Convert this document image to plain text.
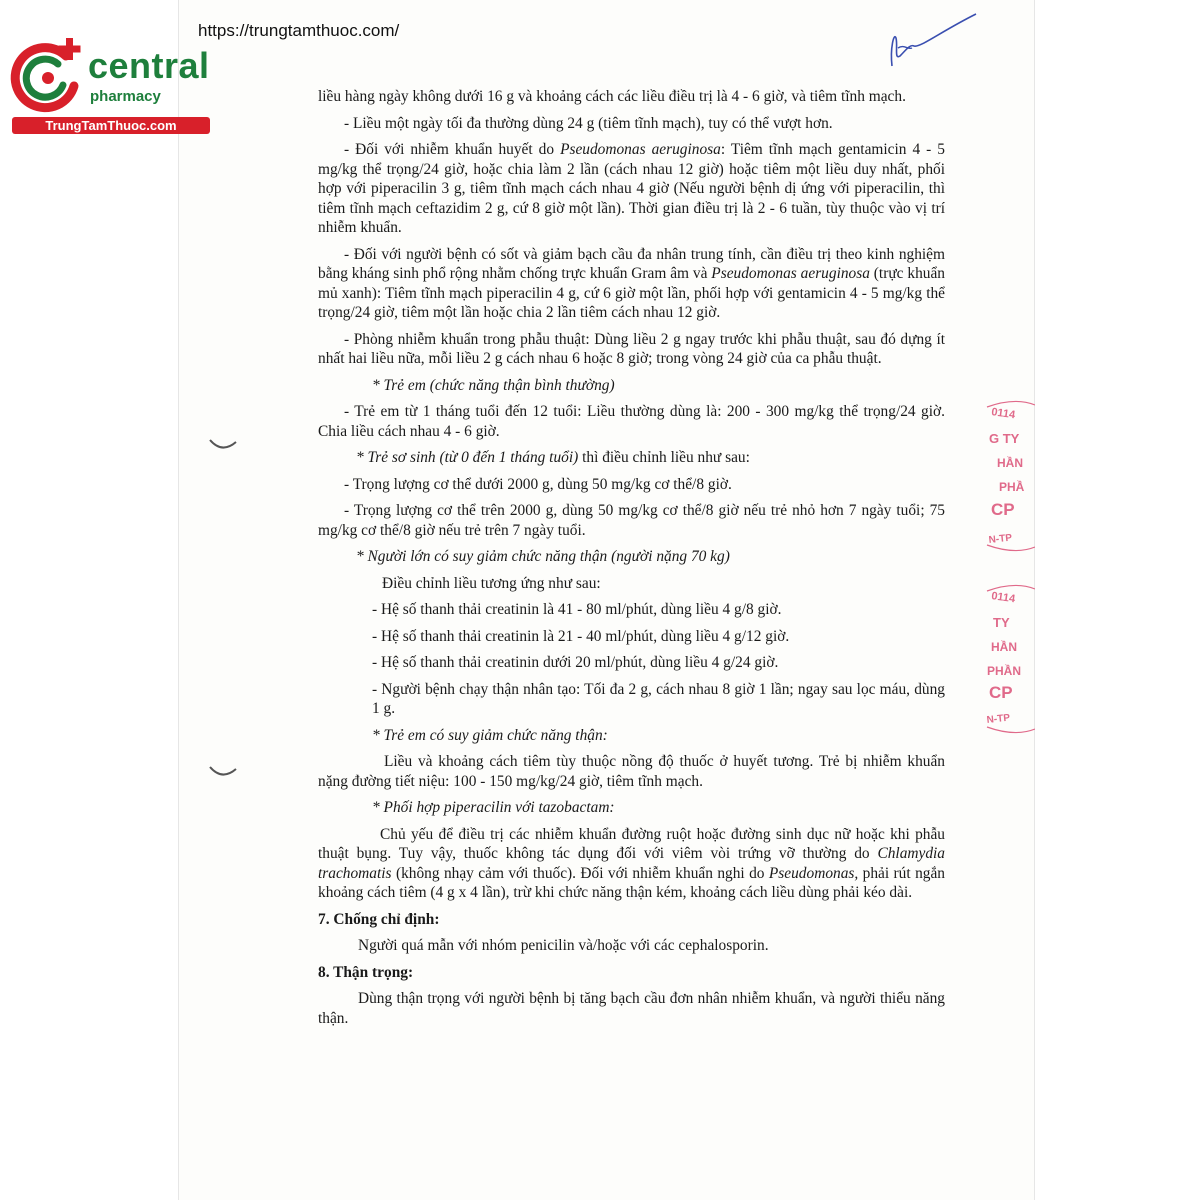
central
pharmacy
TrungTamThuoc.com
https://trungtamthuoc.com/
0114
G TY
HẦN
PHẦ
CP
N-TP
0114
TY
HẦN
PHẦN
CP
N-TP

liều hàng ngày không dưới 16 g và khoảng cách các liều điều trị là 4 - 6 giờ, và tiêm tĩnh mạch.

- Liều một ngày tối đa thường dùng 24 g (tiêm tĩnh mạch), tuy có thể vượt hơn.

- Đối với nhiễm khuẩn huyết do Pseudomonas aeruginosa: Tiêm tĩnh mạch gentamicin 4 - 5 mg/kg thể trọng/24 giờ, hoặc chia làm 2 lần (cách nhau 12 giờ) hoặc tiêm một liều duy nhất, phối hợp với piperacilin 3 g, tiêm tĩnh mạch cách nhau 4 giờ (Nếu người bệnh dị ứng với piperacilin, thì tiêm tĩnh mạch ceftazidim 2 g, cứ 8 giờ một lần). Thời gian điều trị là 2 - 6 tuần, tùy thuộc vào vị trí nhiễm khuẩn.

- Đối với người bệnh có sốt và giảm bạch cầu đa nhân trung tính, cần điều trị theo kinh nghiệm bằng kháng sinh phổ rộng nhằm chống trực khuẩn Gram âm và Pseudomonas aeruginosa (trực khuẩn mủ xanh): Tiêm tĩnh mạch piperacilin 4 g, cứ 6 giờ một lần, phối hợp với gentamicin 4 - 5 mg/kg thể trọng/24 giờ, tiêm một lần hoặc chia 2 lần tiêm cách nhau 12 giờ.

- Phòng nhiễm khuẩn trong phẫu thuật: Dùng liều 2 g ngay trước khi phẫu thuật, sau đó dựng ít nhất hai liều nữa, mỗi liều 2 g cách nhau 6 hoặc 8 giờ; trong vòng 24 giờ của ca phẫu thuật.

* Trẻ em (chức năng thận bình thường)

- Trẻ em từ 1 tháng tuổi đến 12 tuổi: Liều thường dùng là: 200 - 300 mg/kg thể trọng/24 giờ. Chia liều cách nhau 4 - 6 giờ.

* Trẻ sơ sinh (từ 0 đến 1 tháng tuổi) thì điều chỉnh liều như sau:

- Trọng lượng cơ thể dưới 2000 g, dùng 50 mg/kg cơ thể/8 giờ.

- Trọng lượng cơ thể trên 2000 g, dùng 50 mg/kg cơ thể/8 giờ nếu trẻ nhỏ hơn 7 ngày tuổi; 75 mg/kg cơ thể/8 giờ nếu trẻ trên 7 ngày tuổi.

* Người lớn có suy giảm chức năng thận (người nặng 70 kg)

Điều chỉnh liều tương ứng như sau:

- Hệ số thanh thải creatinin là 41 - 80 ml/phút, dùng liều 4 g/8 giờ.

- Hệ số thanh thải creatinin là 21 - 40 ml/phút, dùng liều 4 g/12 giờ.

- Hệ số thanh thải creatinin dưới 20 ml/phút, dùng liều 4 g/24 giờ.

- Người bệnh chạy thận nhân tạo: Tối đa 2 g, cách nhau 8 giờ 1 lần; ngay sau lọc máu, dùng 1 g.

* Trẻ em có suy giảm chức năng thận:

Liều và khoảng cách tiêm tùy thuộc nồng độ thuốc ở huyết tương. Trẻ bị nhiễm khuẩn nặng đường tiết niệu: 100 - 150 mg/kg/24 giờ, tiêm tĩnh mạch.

* Phối hợp piperacilin với tazobactam:

Chủ yếu để điều trị các nhiễm khuẩn đường ruột hoặc đường sinh dục nữ hoặc khi phẫu thuật bụng. Tuy vậy, thuốc không tác dụng đối với viêm vòi trứng vỡ thường do Chlamydia trachomatis (không nhạy cảm với thuốc). Đối với nhiễm khuẩn nghi do Pseudomonas, phải rút ngắn khoảng cách tiêm (4 g x 4 lần), trừ khi chức năng thận kém, khoảng cách liều dùng phải kéo dài.

7. Chống chỉ định:

Người quá mẫn với nhóm penicilin và/hoặc với các cephalosporin.

8. Thận trọng:

Dùng thận trọng với người bệnh bị tăng bạch cầu đơn nhân nhiễm khuẩn, và người thiểu năng thận.
